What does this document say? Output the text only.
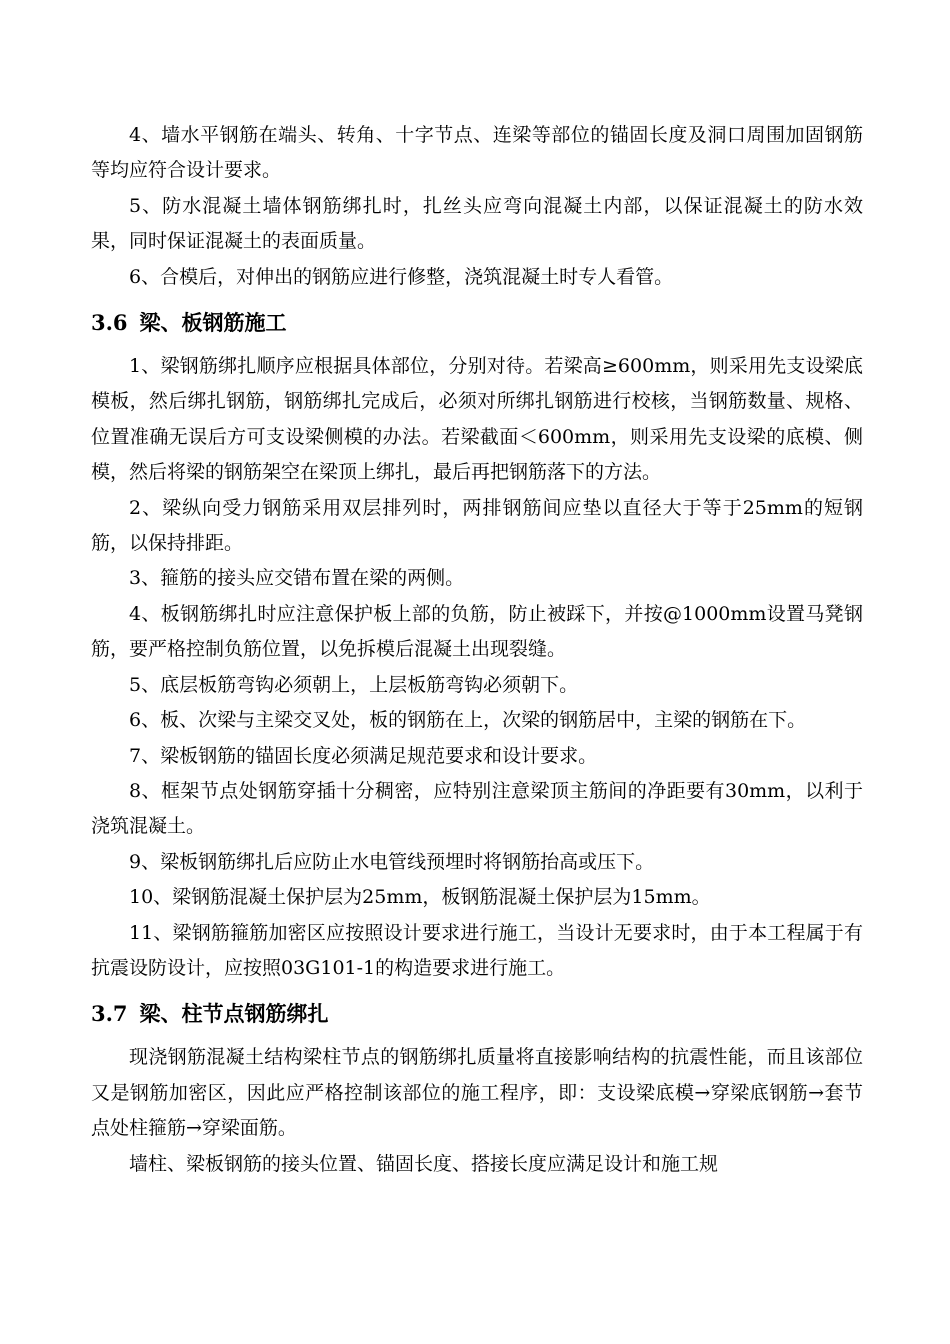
4、墙水平钢筋在端头、转角、十字节点、连梁等部位的锚固长度及洞口周围加固钢筋等均应符合设计要求。

5、防水混凝土墙体钢筋绑扎时，扎丝头应弯向混凝土内部，以保证混凝土的防水效果，同时保证混凝土的表面质量。

6、合模后，对伸出的钢筋应进行修整，浇筑混凝土时专人看管。

3.6 梁、板钢筋施工

1、梁钢筋绑扎顺序应根据具体部位，分别对待。若梁高≥600mm，则采用先支设梁底模板，然后绑扎钢筋，钢筋绑扎完成后，必须对所绑扎钢筋进行校核，当钢筋数量、规格、位置准确无误后方可支设梁侧模的办法。若梁截面＜600mm，则采用先支设梁的底模、侧模，然后将梁的钢筋架空在梁顶上绑扎，最后再把钢筋落下的方法。

2、梁纵向受力钢筋采用双层排列时，两排钢筋间应垫以直径大于等于25mm的短钢筋，以保持排距。

3、箍筋的接头应交错布置在梁的两侧。

4、板钢筋绑扎时应注意保护板上部的负筋，防止被踩下，并按@1000mm设置马凳钢筋，要严格控制负筋位置，以免拆模后混凝土出现裂缝。

5、底层板筋弯钩必须朝上，上层板筋弯钩必须朝下。

6、板、次梁与主梁交叉处，板的钢筋在上，次梁的钢筋居中，主梁的钢筋在下。

7、梁板钢筋的锚固长度必须满足规范要求和设计要求。

8、框架节点处钢筋穿插十分稠密，应特别注意梁顶主筋间的净距要有30mm，以利于浇筑混凝土。

9、梁板钢筋绑扎后应防止水电管线预埋时将钢筋抬高或压下。

10、梁钢筋混凝土保护层为25mm，板钢筋混凝土保护层为15mm。

11、梁钢筋箍筋加密区应按照设计要求进行施工，当设计无要求时，由于本工程属于有抗震设防设计，应按照03G101-1的构造要求进行施工。

3.7 梁、柱节点钢筋绑扎

现浇钢筋混凝土结构梁柱节点的钢筋绑扎质量将直接影响结构的抗震性能，而且该部位又是钢筋加密区，因此应严格控制该部位的施工程序，即：支设梁底模→穿梁底钢筋→套节点处柱箍筋→穿梁面筋。

墙柱、梁板钢筋的接头位置、锚固长度、搭接长度应满足设计和施工规
